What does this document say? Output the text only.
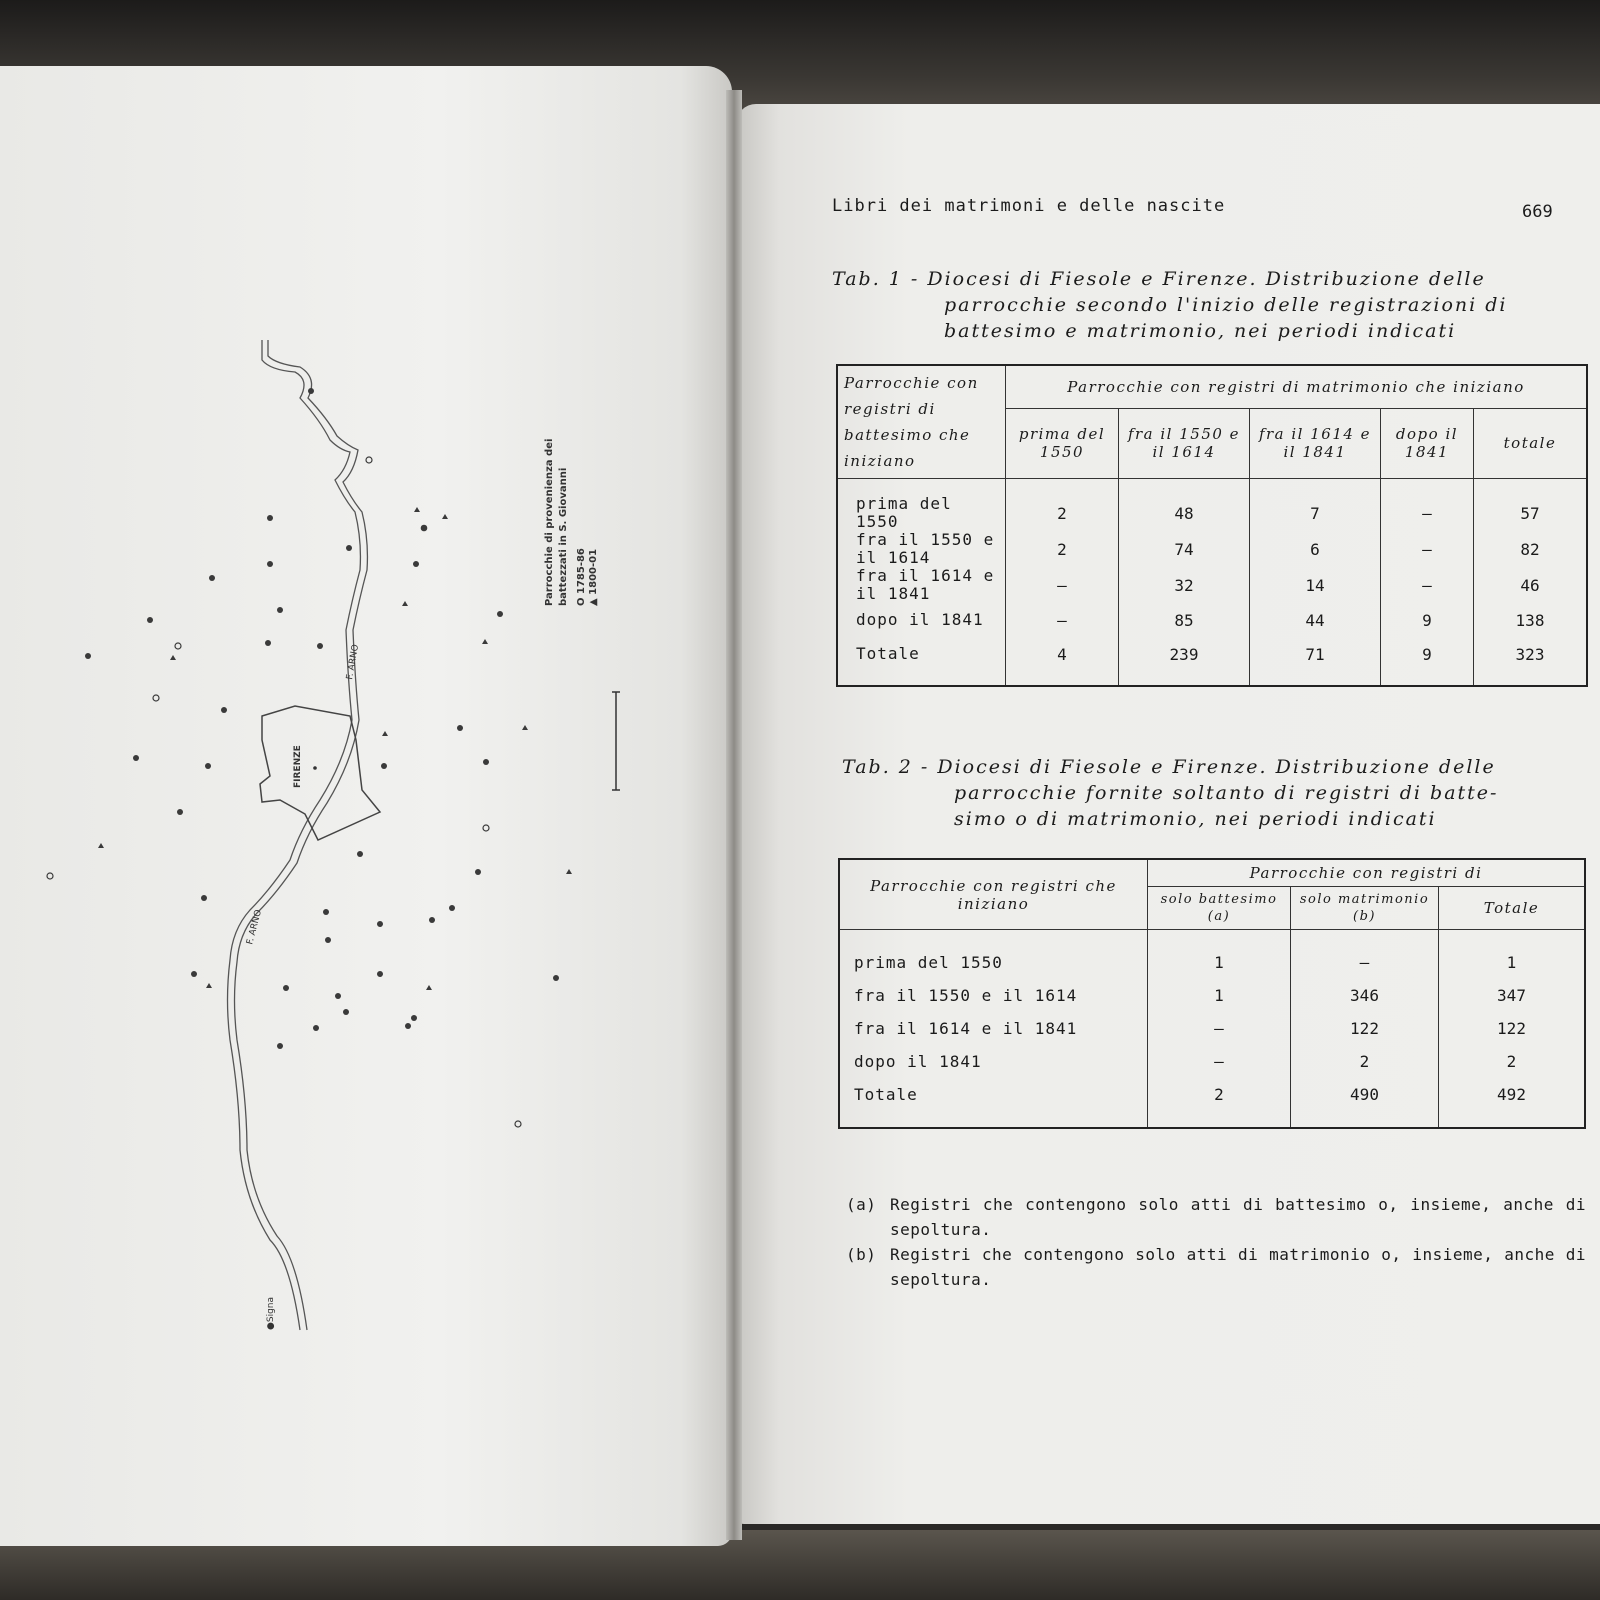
FIRENZE
F. ARNO
F. ARNO
●Signa
Parrocchie di provenienza dei battezzati in S. Giovanni O 1785-86 ▲ 1800-01
Libri dei matrimoni e delle nascite	669
Tab. 1 - Diocesi di Fiesole e Firenze. Distribuzione delle
parrocchie secondo l'inizio delle registrazioni di
battesimo e matrimonio, nei periodi indicati
Parrocchie con registri di battesimo che iniziano	Parrocchie con registri di matrimonio che iniziano				
	prima del 1550	fra il 1550 e il 1614	fra il 1614 e il 1841	dopo il 1841	totale
prima del 1550	2	48	7	–	57
fra il 1550 e il 1614	2	74	6	–	82
fra il 1614 e il 1841	–	32	14	–	46
dopo il 1841	–	85	44	9	138
Totale	4	239	71	9	323
Tab. 2 - Diocesi di Fiesole e Firenze. Distribuzione delle
parrocchie fornite soltanto di registri di batte-
simo o di matrimonio, nei periodi indicati
Parrocchie con registri che iniziano	Parrocchie con registri di		
	solo battesimo (a)	solo matrimonio (b)	Totale
prima del 1550	1	–	1
fra il 1550 e il 1614	1	346	347
fra il 1614 e il 1841	–	122	122
dopo il 1841	–	2	2
Totale	2	490	492
(a) Registri che contengono solo atti di battesimo o, insieme, anche di sepoltura.
(b) Registri che contengono solo atti di matrimonio o, insieme, anche di sepoltura.
